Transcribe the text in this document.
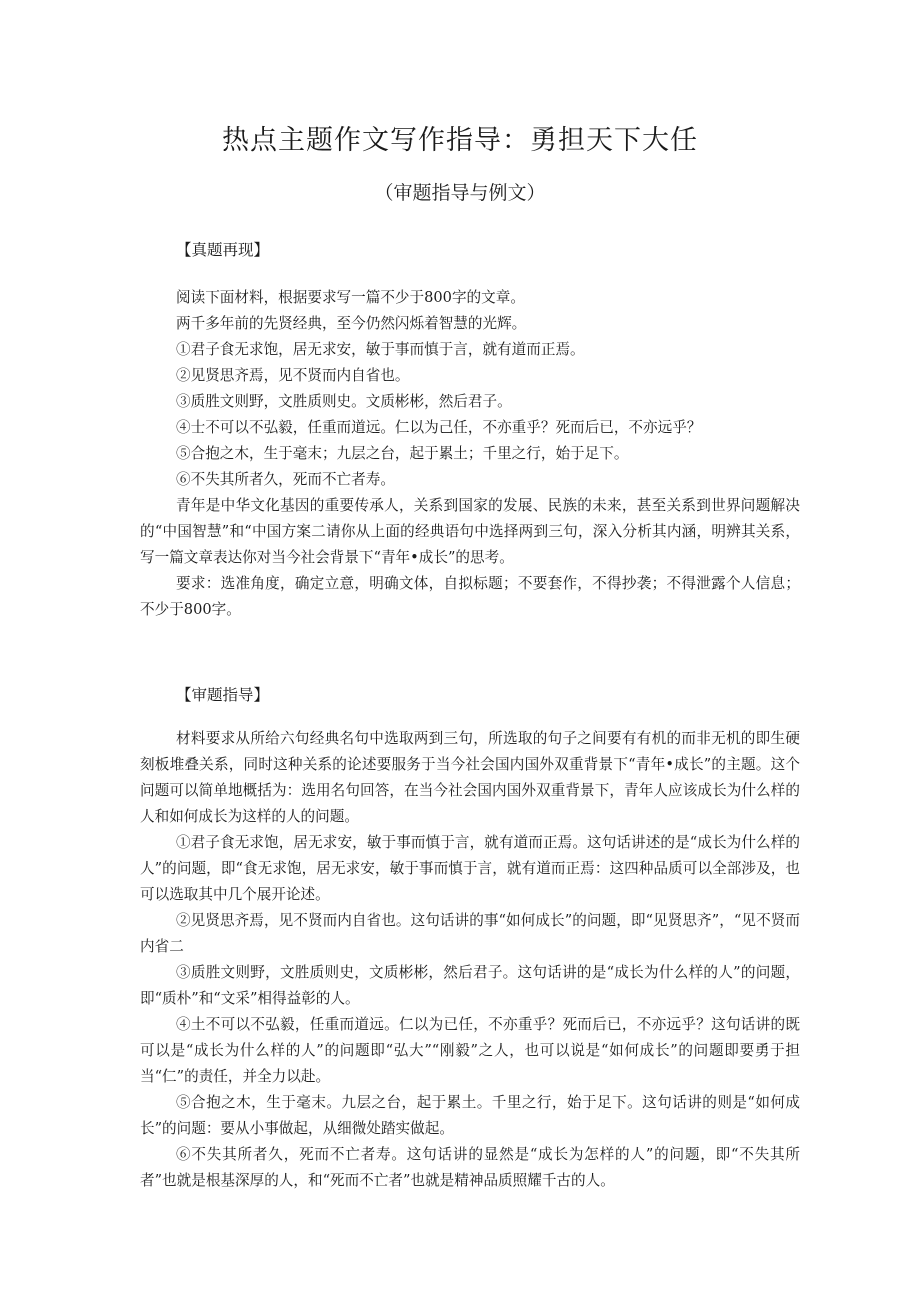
热点主题作文写作指导：勇担天下大任
（审题指导与例文）
【真题再现】

阅读下面材料，根据要求写一篇不少于800字的文章。

两千多年前的先贤经典，至今仍然闪烁着智慧的光辉。

①君子食无求饱，居无求安，敏于事而慎于言，就有道而正焉。

②见贤思齐焉，见不贤而内自省也。

③质胜文则野，文胜质则史。文质彬彬，然后君子。

④士不可以不弘毅，任重而道远。仁以为己任，不亦重乎？死而后已，不亦远乎？

⑤合抱之木，生于毫末；九层之台，起于累土；千里之行，始于足下。

⑥不失其所者久，死而不亡者寿。

青年是中华文化基因的重要传承人，关系到国家的发展、民族的未来，甚至关系到世界问题解决的“中国智慧”和“中国方案二请你从上面的经典语句中选择两到三句，深入分析其内涵，明辨其关系，写一篇文章表达你对当今社会背景下“青年•成长”的思考。

要求：选准角度，确定立意，明确文体，自拟标题；不要套作，不得抄袭；不得泄露个人信息；不少于800字。

【审题指导】

材料要求从所给六句经典名句中选取两到三句，所选取的句子之间要有有机的而非无机的即生硬刻板堆叠关系，同时这种关系的论述要服务于当今社会国内国外双重背景下“青年•成长”的主题。这个问题可以简单地概括为：选用名句回答，在当今社会国内国外双重背景下，青年人应该成长为什么样的人和如何成长为这样的人的问题。

①君子食无求饱，居无求安，敏于事而慎于言，就有道而正焉。这句话讲述的是“成长为什么样的人”的问题，即“食无求饱，居无求安，敏于事而慎于言，就有道而正焉：这四种品质可以全部涉及，也可以选取其中几个展开论述。

②见贤思齐焉，见不贤而内自省也。这句话讲的事“如何成长”的问题，即“见贤思齐”，“见不贤而内省二

③质胜文则野，文胜质则史，文质彬彬，然后君子。这句话讲的是“成长为什么样的人”的问题，即“质朴”和“文采”相得益彰的人。

④土不可以不弘毅，任重而道远。仁以为已任，不亦重乎？死而后已，不亦远乎？这句话讲的既可以是“成长为什么样的人”的问题即“弘大”“刚毅”之人，也可以说是“如何成长”的问题即要勇于担当“仁”的责任，并全力以赴。

⑤合抱之木，生于毫末。九层之台，起于累土。千里之行，始于足下。这句话讲的则是“如何成长”的问题：要从小事做起，从细微处踏实做起。

⑥不失其所者久，死而不亡者寿。这句话讲的显然是“成长为怎样的人”的问题，即“不失其所者”也就是根基深厚的人，和“死而不亡者”也就是精神品质照耀千古的人。
